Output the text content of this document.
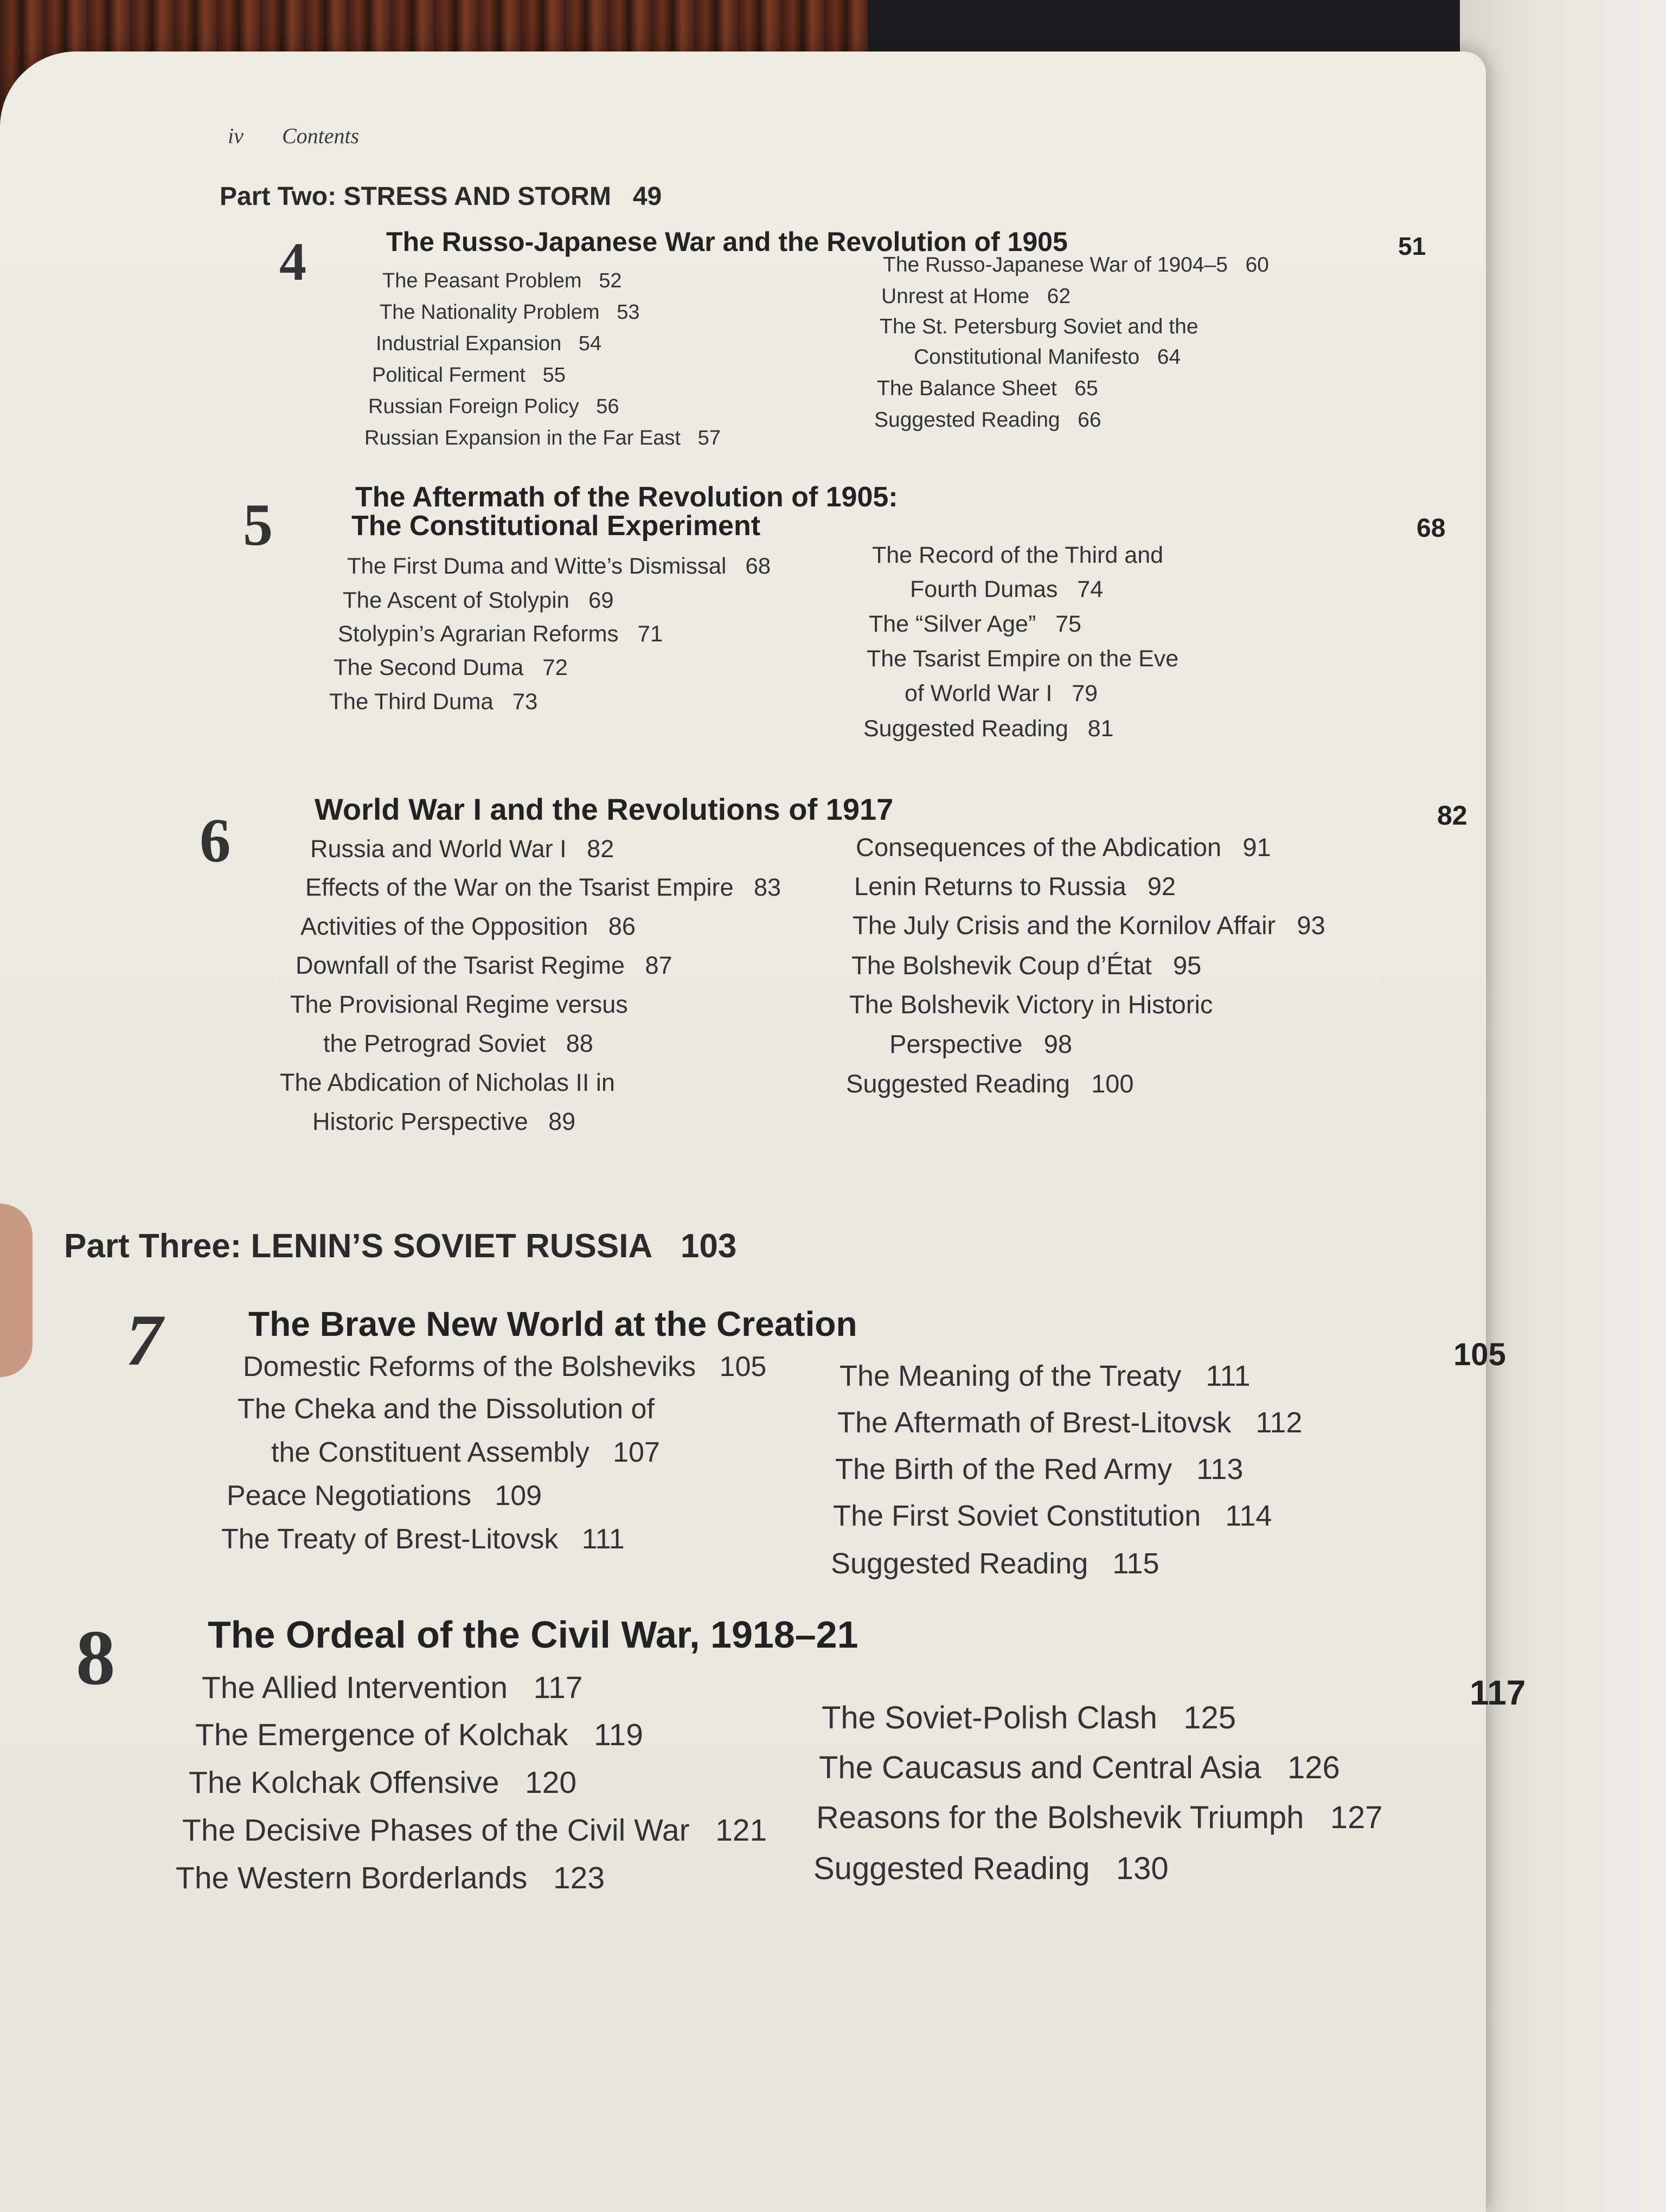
iv Contents
Part Two: STRESS AND STORM 49
4	The Russo-Japanese War and the Revolution of 1905	51
The Peasant Problem 52
The Nationality Problem 53
Industrial Expansion 54
Political Ferment 55
Russian Foreign Policy 56
Russian Expansion in the Far East 57
The Russo-Japanese War of 1904–5 60
Unrest at Home 62
The St. Petersburg Soviet and the
Constitutional Manifesto 64
The Balance Sheet 65
Suggested Reading 66
5	The Aftermath of the Revolution of 1905:
The Constitutional Experiment	68
The First Duma and Witte’s Dismissal 68
The Ascent of Stolypin 69
Stolypin’s Agrarian Reforms 71
The Second Duma 72
The Third Duma 73
The Record of the Third and
Fourth Dumas 74
The “Silver Age” 75
The Tsarist Empire on the Eve
of World War I 79
Suggested Reading 81
6	World War I and the Revolutions of 1917	82
Russia and World War I 82
Effects of the War on the Tsarist Empire 83
Activities of the Opposition 86
Downfall of the Tsarist Regime 87
The Provisional Regime versus
the Petrograd Soviet 88
The Abdication of Nicholas II in
Historic Perspective 89
Consequences of the Abdication 91
Lenin Returns to Russia 92
The July Crisis and the Kornilov Affair 93
The Bolshevik Coup d’État 95
The Bolshevik Victory in Historic
Perspective 98
Suggested Reading 100
Part Three: LENIN’S SOVIET RUSSIA 103
7 The Brave New World at the Creation
105
Domestic Reforms of the Bolsheviks 105
The Cheka and the Dissolution of
the Constituent Assembly 107
Peace Negotiations 109
The Treaty of Brest-Litovsk 111
The Meaning of the Treaty 111
The Aftermath of Brest-Litovsk 112
The Birth of the Red Army 113
The First Soviet Constitution 114
Suggested Reading 115
8 The Ordeal of the Civil War, 1918–21
117
The Allied Intervention 117
The Emergence of Kolchak 119
The Kolchak Offensive 120
The Decisive Phases of the Civil War 121
The Western Borderlands 123
The Soviet-Polish Clash 125
The Caucasus and Central Asia 126
Reasons for the Bolshevik Triumph 127
Suggested Reading 130
